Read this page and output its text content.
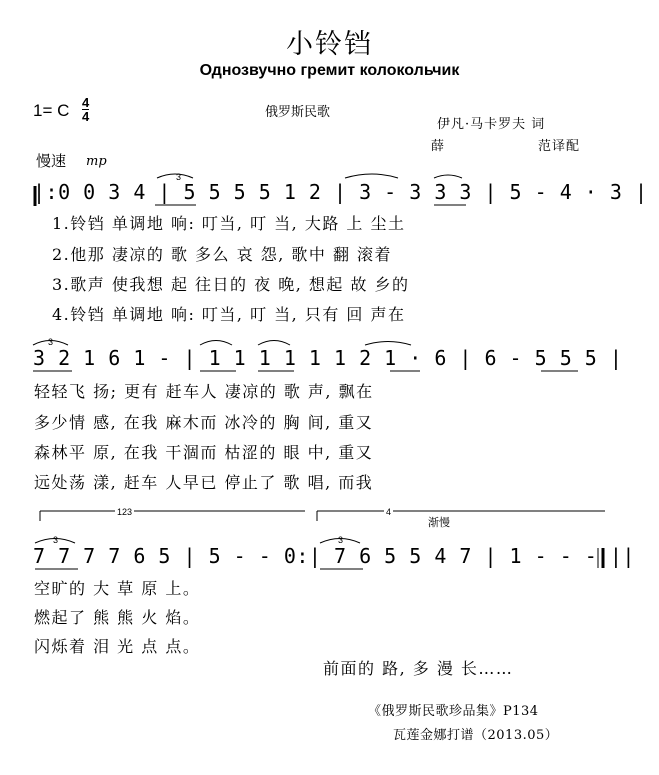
小铃铛
Однозвучно гремит колокольчик
1= C 4
4	俄罗斯民歌
伊凡·马卡罗夫 词
薛	范译配
慢速 mp
|:0 0 3 4 | 5 5 5 5 1 2 | 3 - 3 3 3 | 5 - 4 · 3 |
1.铃铛 单调地 响: 叮当, 叮 当, 大路 上 尘土
2.他那 凄凉的 歌 多么 哀 怨, 歌中 翻 滚着
3.歌声 使我想 起 往日的 夜 晚, 想起 故 乡的
4.铃铛 单调地 响: 叮当, 叮 当, 只有 回 声在
3 2 1 6 1 - | 1 1 1 1 1 1 2 1 · 6 | 6 - 5 5 5 |
轻轻飞 扬; 更有 赶车人 凄凉的 歌 声, 飘在
多少情 感, 在我 麻木而 冰冷的 胸 间, 重又
森林平 原, 在我 干涸而 枯涩的 眼 中, 重又
远处荡 漾, 赶车 人早已 停止了 歌 唱, 而我
3
3
123	4
渐慢
3	3
7 7 7 7 6 5 | 5 - - 0:| 7 6 5 5 4 7 | 1 - - - ||
空旷的 大 草 原 上。
燃起了 熊 熊 火 焰。
闪烁着 泪 光 点 点。
前面的 路, 多 漫 长……
《俄罗斯民歌珍品集》P134
瓦莲金娜打谱（2013.05）
